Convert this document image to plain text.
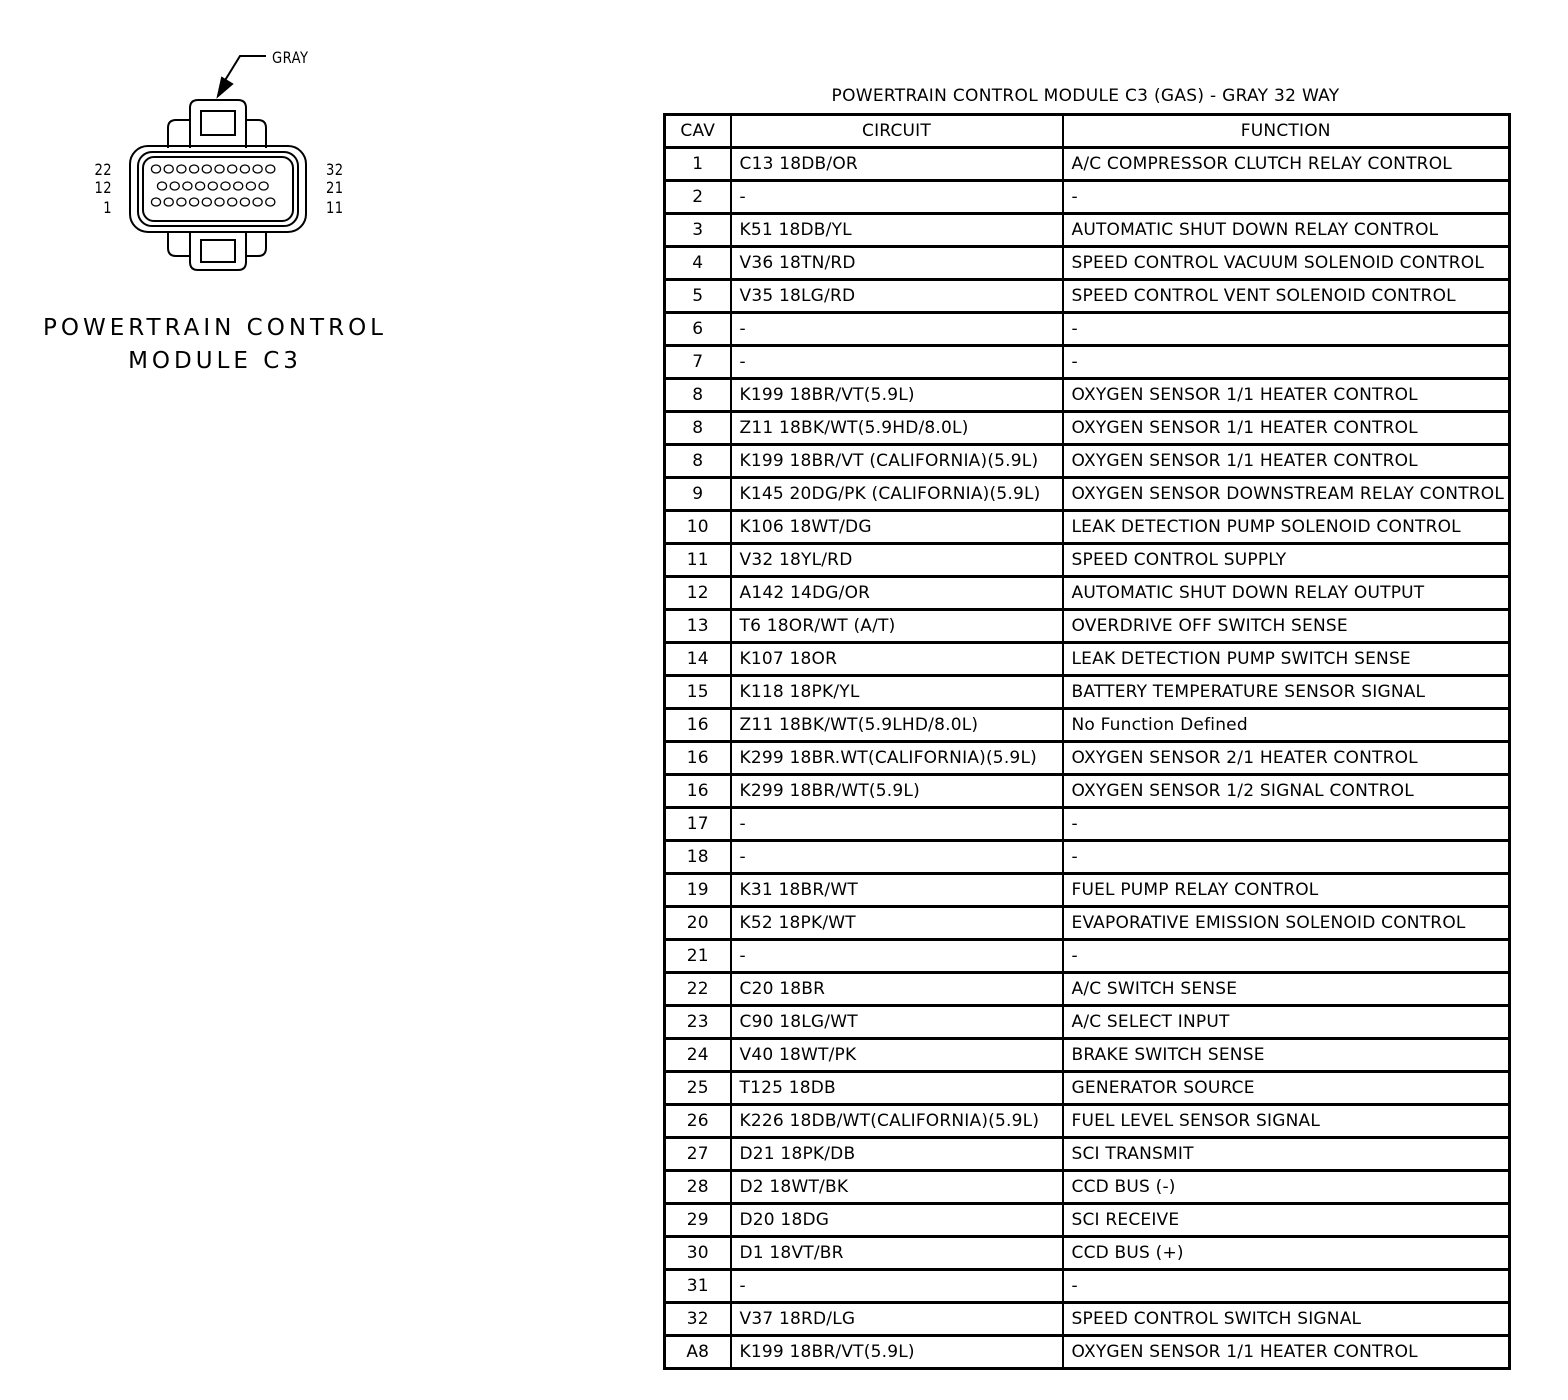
GRAY
22
12
1
32
21
11
POWERTRAIN CONTROL
MODULE C3
POWERTRAIN CONTROL MODULE C3 (GAS) - GRAY 32 WAY
CAV	CIRCUIT	FUNCTION
1	C13 18DB/OR	A/C COMPRESSOR CLUTCH RELAY CONTROL
2	-	-
3	K51 18DB/YL	AUTOMATIC SHUT DOWN RELAY CONTROL
4	V36 18TN/RD	SPEED CONTROL VACUUM SOLENOID CONTROL
5	V35 18LG/RD	SPEED CONTROL VENT SOLENOID CONTROL
6	-	-
7	-	-
8	K199 18BR/VT(5.9L)	OXYGEN SENSOR 1/1 HEATER CONTROL
8	Z11 18BK/WT(5.9HD/8.0L)	OXYGEN SENSOR 1/1 HEATER CONTROL
8	K199 18BR/VT (CALIFORNIA)(5.9L)	OXYGEN SENSOR 1/1 HEATER CONTROL
9	K145 20DG/PK (CALIFORNIA)(5.9L)	OXYGEN SENSOR DOWNSTREAM RELAY CONTROL
10	K106 18WT/DG	LEAK DETECTION PUMP SOLENOID CONTROL
11	V32 18YL/RD	SPEED CONTROL SUPPLY
12	A142 14DG/OR	AUTOMATIC SHUT DOWN RELAY OUTPUT
13	T6 18OR/WT (A/T)	OVERDRIVE OFF SWITCH SENSE
14	K107 18OR	LEAK DETECTION PUMP SWITCH SENSE
15	K118 18PK/YL	BATTERY TEMPERATURE SENSOR SIGNAL
16	Z11 18BK/WT(5.9LHD/8.0L)	No Function Defined
16	K299 18BR.WT(CALIFORNIA)(5.9L)	OXYGEN SENSOR 2/1 HEATER CONTROL
16	K299 18BR/WT(5.9L)	OXYGEN SENSOR 1/2 SIGNAL CONTROL
17	-	-
18	-	-
19	K31 18BR/WT	FUEL PUMP RELAY CONTROL
20	K52 18PK/WT	EVAPORATIVE EMISSION SOLENOID CONTROL
21	-	-
22	C20 18BR	A/C SWITCH SENSE
23	C90 18LG/WT	A/C SELECT INPUT
24	V40 18WT/PK	BRAKE SWITCH SENSE
25	T125 18DB	GENERATOR SOURCE
26	K226 18DB/WT(CALIFORNIA)(5.9L)	FUEL LEVEL SENSOR SIGNAL
27	D21 18PK/DB	SCI TRANSMIT
28	D2 18WT/BK	CCD BUS (-)
29	D20 18DG	SCI RECEIVE
30	D1 18VT/BR	CCD BUS (+)
31	-	-
32	V37 18RD/LG	SPEED CONTROL SWITCH SIGNAL
A8	K199 18BR/VT(5.9L)	OXYGEN SENSOR 1/1 HEATER CONTROL
